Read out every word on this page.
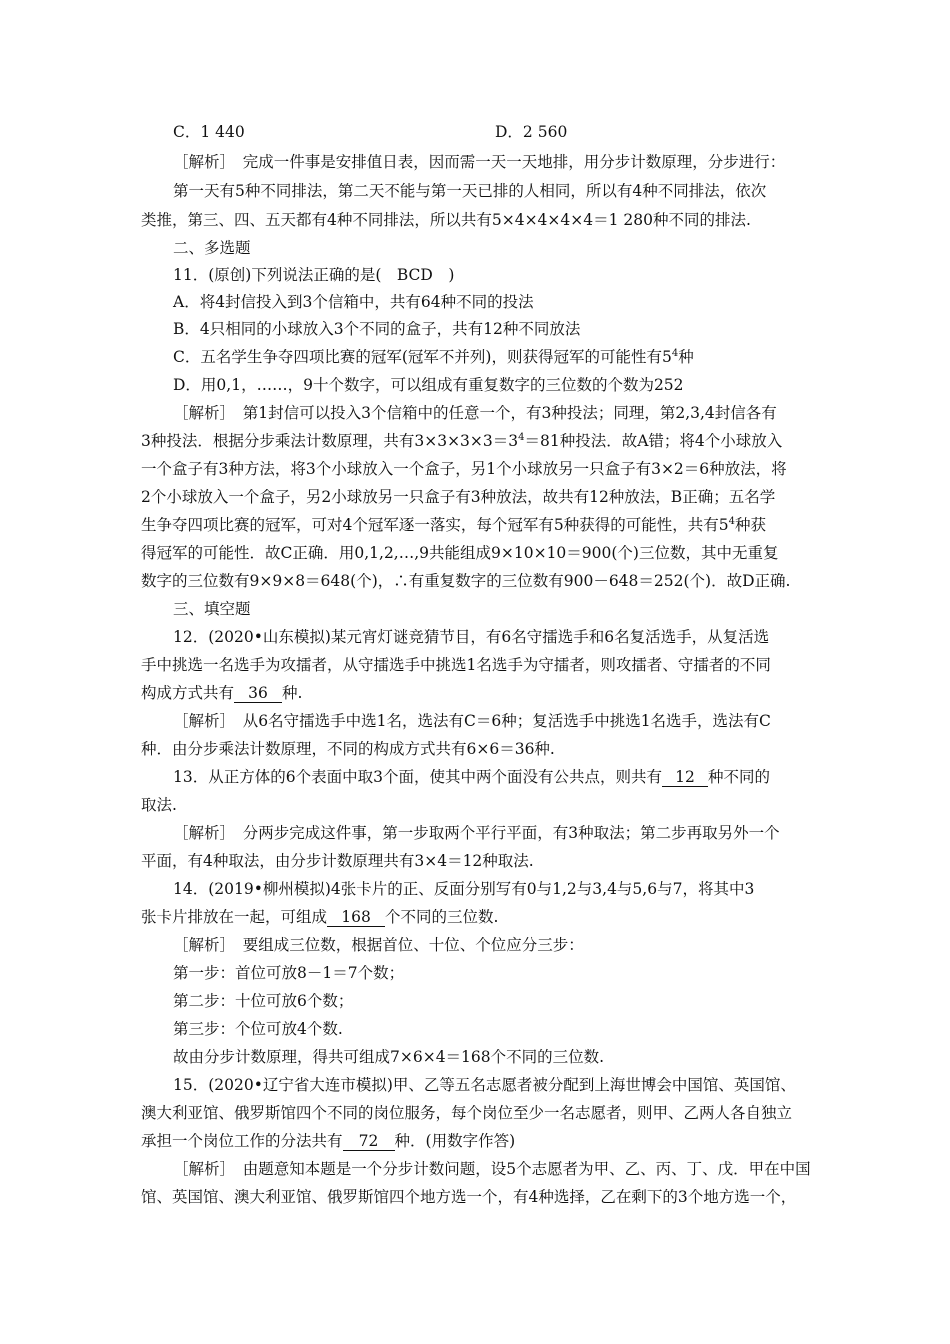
C．1 440	D．2 560
［解析］　完成一件事是安排值日表，因而需一天一天地排，用分步计数原理，分步进行：
第一天有5种不同排法，第二天不能与第一天已排的人相同，所以有4种不同排法，依次
类推，第三、四、五天都有4种不同排法，所以共有5×4×4×4×4＝1 280种不同的排法.
二、多选题
11．(原创)下列说法正确的是(　BCD　)
A．将4封信投入到3个信箱中，共有64种不同的投法
B．4只相同的小球放入3个不同的盒子，共有12种不同放法
C．五名学生争夺四项比赛的冠军(冠军不并列)，则获得冠军的可能性有$5^4$种
D．用0,1，……，9十个数字，可以组成有重复数字的三位数的个数为252
［解析］　第1封信可以投入3个信箱中的任意一个，有3种投法；同理，第2,3,4封信各有
3种投法．根据分步乘法计数原理，共有$3\times 3\times 3\times 3=3^4=81$种投法．故A错；将4个小球放入
一个盒子有3种方法，将3个小球放入一个盒子，另1个小球放另一只盒子有3×2＝6种放法，将
2个小球放入一个盒子，另2小球放另一只盒子有3种放法，故共有12种放法，B正确；五名学
生争夺四项比赛的冠军，可对4个冠军逐一落实，每个冠军有5种获得的可能性，共有$5^4$种获
得冠军的可能性．故C正确．用0,1,2,…,9共能组成9×10×10＝900(个)三位数，其中无重复
数字的三位数有9×9×8＝648(个)，∴有重复数字的三位数有900－648＝252(个)．故D正确.
三、填空题
12．(2020•山东模拟)某元宵灯谜竞猜节目，有6名守擂选手和6名复活选手，从复活选
手中挑选一名选手为攻擂者，从守擂选手中挑选1名选手为守擂者，则攻擂者、守擂者的不同
构成方式共有 36 种.
［解析］　从6名守擂选手中选1名，选法有C＝6种；复活选手中挑选1名选手，选法有C
种．由分步乘法计数原理，不同的构成方式共有6×6＝36种.
13．从正方体的6个表面中取3个面，使其中两个面没有公共点，则共有 12 种不同的
取法.
［解析］　分两步完成这件事，第一步取两个平行平面，有3种取法；第二步再取另外一个
平面，有4种取法，由分步计数原理共有3×4＝12种取法.
14．(2019•柳州模拟)4张卡片的正、反面分别写有0与1,2与3,4与5,6与7，将其中3
张卡片排放在一起，可组成 168 个不同的三位数.
［解析］　要组成三位数，根据首位、十位、个位应分三步：
第一步：首位可放8－1＝7个数；
第二步：十位可放6个数；
第三步：个位可放4个数.
故由分步计数原理，得共可组成7×6×4＝168个不同的三位数.
15．(2020•辽宁省大连市模拟)甲、乙等五名志愿者被分配到上海世博会中国馆、英国馆、
澳大利亚馆、俄罗斯馆四个不同的岗位服务，每个岗位至少一名志愿者，则甲、乙两人各自独立
承担一个岗位工作的分法共有 72 种．(用数字作答)
［解析］　由题意知本题是一个分步计数问题，设5个志愿者为甲、乙、丙、丁、戊．甲在中国
馆、英国馆、澳大利亚馆、俄罗斯馆四个地方选一个，有4种选择，乙在剩下的3个地方选一个，
